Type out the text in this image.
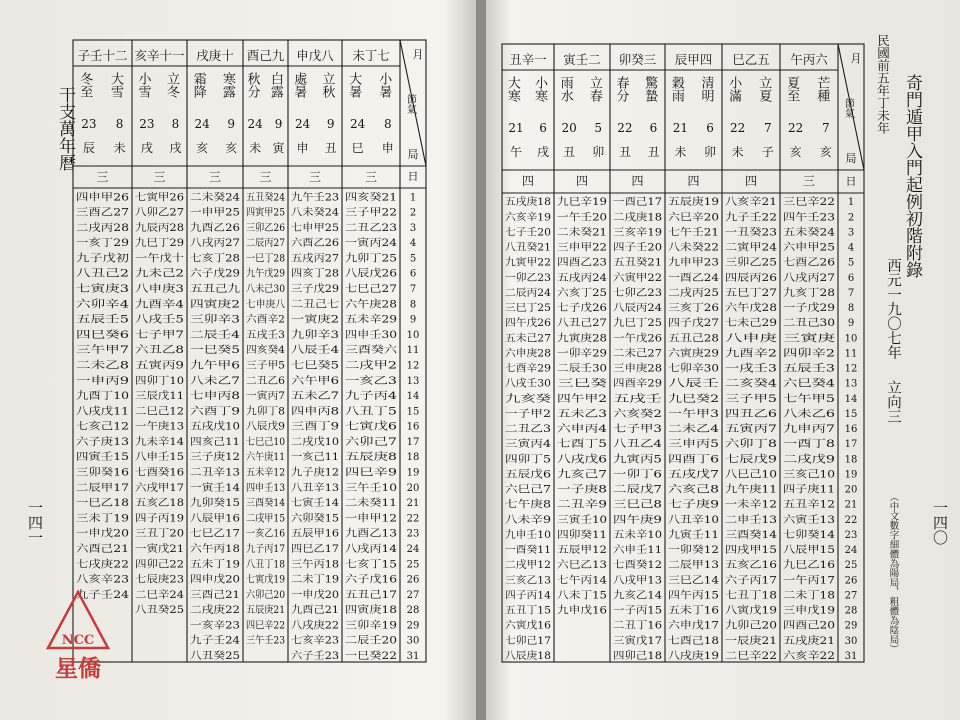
干支萬年曆
一四一
子壬十二
大雪
冬至
8
23
未
辰
三
亥辛十一
立冬
小雪
8
23
戌
戌
三
戌庚十
寒露
霜降
9
24
亥
亥
三
酉己九
白露
秋分
9
24
寅
未
三
申戊八
立秋
處暑
9
24
丑
申
三
未丁七
小暑
大暑
8
24
申
巳
三
月
節氣
局
日
四申甲26
三酉乙27
二戌丙28
一亥丁29
九子戊初
八丑己2
七寅庚3
六卯辛4
五辰壬5
四巳癸6
三午甲7
二未乙8
一申丙9
九酉丁10
八戌戊11
七亥己12
六子庚13
四寅壬15
三卯癸16
二辰甲17
一巳乙18
三未丁19
一申戊20
六酉己21
七戌庚22
八亥辛23
九子壬24
七寅甲26
八卯乙27
九辰丙28
九巳丁29
一午戊十
九未己2
八申庚3
九酉辛4
八戌壬5
七子甲7
六丑乙8
五寅丙9
四卯丁10
三辰戊11
二巳己12
一午庚13
九未辛14
八申壬15
七酉癸16
六戌甲17
五亥乙18
四子丙19
三丑丁20
一寅戊21
四卯己22
七辰庚23
二巳辛24
八丑癸25
二未癸24
一申甲25
九酉乙26
八戌丙27
七亥丁28
六子戊29
五丑己九
四寅庚2
三卯辛3
二辰壬4
一巳癸5
九午甲6
八未乙7
七申丙8
六酉丁9
五戌戊10
四亥己11
三子庚12
二丑辛13
一寅壬14
九卯癸15
八辰甲16
七巳乙17
六午丙18
五未丁19
四申戊20
三酉己21
二戌庚22
一亥辛23
九子壬24
八丑癸25
五丑癸24
四寅甲25
三卯乙26
二辰丙27
一巳丁28
九午戊29
八未己30
七申庚八
六酉辛2
五戌壬3
四亥癸4
三子甲5
二丑乙6
一寅丙7
九卯丁8
八辰戊9
七巳己10
六午庚11
五未辛12
四申壬13
三酉癸14
二戌甲15
一亥乙16
九子丙17
八丑丁18
七寅戊19
六卯己20
五辰庚21
四巳辛22
三午壬23
九午壬23
八未癸24
七申甲25
六酉乙26
五戌丙27
四亥丁28
三子戊29
二丑己七
一寅庚2
九卯辛3
八辰壬4
七巳癸5
六午甲6
五未乙7
四申丙8
三酉丁9
二戌戊10
一亥己11
九子庚12
八丑辛13
七寅壬14
六卯癸15
五辰甲16
四巳乙17
三午丙18
二未丁19
一申戊20
九酉己21
八戌庚22
七亥辛23
六子壬23
四亥癸21
三子甲22
二丑乙23
一寅丙24
九卯丁25
八辰戊26
七巳己27
六午庚28
五未辛29
四申壬30
三酉癸六
二戌甲2
一亥乙3
九子丙4
八丑丁5
七寅戊6
六卯己7
五辰庚8
四巳辛9
三午壬10
二未癸11
一申甲12
九酉乙13
八戌丙14
七亥丁15
六子戊16
五丑己17
四寅庚18
三卯辛19
二辰壬20
一巳癸22
1
2
3
4
5
6
7
8
9
10
11
12
13
14
15
16
17
18
19
20
21
22
23
24
25
26
27
28
29
30
31
民國前五年丁未年 奇門遁甲入門起例初階附錄
西元一九〇七年
立向三
（中文數字細體為陽局，粗體為陰局） 一四〇
丑辛一
小寒
大寒
6
21
戌
午
四
寅壬二
立春
雨水
5
20
卯
丑
四
卯癸三
驚蟄
春分
6
22
丑
丑
四
辰甲四
清明
穀雨
6
21
卯
未
四
巳乙五
立夏
小滿
7
22
子
未
四
午丙六
芒種
夏至
7
22
亥
亥
三
月
節氣
局
日
五戌庚18
六亥辛19
七子壬20
八丑癸21
九寅甲22
一卯乙23
二辰丙24
三巳丁25
四午戊26
五未己27
六申庚28
七酉辛29
八戌壬30
九亥癸
一子甲2
二丑乙3
三寅丙4
四卯丁5
五辰戊6
六巳己7
七午庚8
八未辛9
九申壬10
一酉癸11
二戌甲12
三亥乙13
四子丙14
五丑丁15
六寅戊16
七卯己17
八辰庚18
九巳辛19
一午壬20
二未癸21
三申甲22
四酉乙23
五戌丙24
六亥丁25
七子戊26
八丑己27
九寅庚28
一卯辛29
二辰壬30
三巳癸
四午甲2
五未乙3
六申丙4
七酉丁5
八戌戊6
九亥己7
一子庚8
二丑辛9
三寅壬10
四卯癸11
五辰甲12
六巳乙13
七午丙14
八未丁15
九申戊16
一酉己17
二戌庚18
三亥辛19
四子壬20
五丑癸21
六寅甲22
七卯乙23
八辰丙24
九巳丁25
一午戊26
二未己27
三申庚28
四酉辛29
五戌壬
六亥癸2
七子甲3
八丑乙4
九寅丙5
一卯丁6
二辰戊7
三巳己8
四午庚9
五未辛10
六申壬11
七酉癸12
八戌甲13
九亥乙14
一子丙15
二丑丁16
三寅戊17
四卯己18
五辰庚19
六巳辛20
七午壬21
八未癸22
九申甲23
一酉乙24
二戌丙25
三亥丁26
四子戊27
五丑己28
六寅庚29
七卯辛30
八辰壬
九巳癸2
一午甲3
二未乙4
三申丙5
四酉丁6
五戌戊7
六亥己8
七子庚9
八丑辛10
九寅壬11
一卯癸12
二辰甲13
三巳乙14
四午丙15
五未丁16
六申戊17
七酉己18
八戌庚19
八亥辛21
九子壬22
一丑癸23
二寅甲24
三卯乙25
四辰丙26
五巳丁27
六午戊28
七未己29
八申庚
九酉辛2
一戌壬3
二亥癸4
三子甲5
四丑乙6
五寅丙7
六卯丁8
七辰戊9
八巳己10
九午庚11
一未辛12
二申壬13
三酉癸14
四戌甲15
五亥乙16
六子丙17
七丑丁18
八寅戊19
九卯己20
一辰庚21
二巳辛22
三巳辛22
四午壬23
五未癸24
六申甲25
七酉乙26
八戌丙27
九亥丁28
一子戊29
二丑己30
三寅庚
四卯辛2
五辰壬3
六巳癸4
七午甲5
八未乙6
九申丙7
一酉丁8
二戌戊9
三亥己10
四子庚11
五丑辛12
六寅壬13
七卯癸14
八辰甲15
九巳乙16
一午丙17
二未丁18
三申戊19
四酉己20
五戌庚21
六亥辛22
1
2
3
4
5
6
7
8
9
10
11
12
13
14
15
16
17
18
19
20
21
22
23
24
25
26
27
28
29
30
31
NCC
星僑
